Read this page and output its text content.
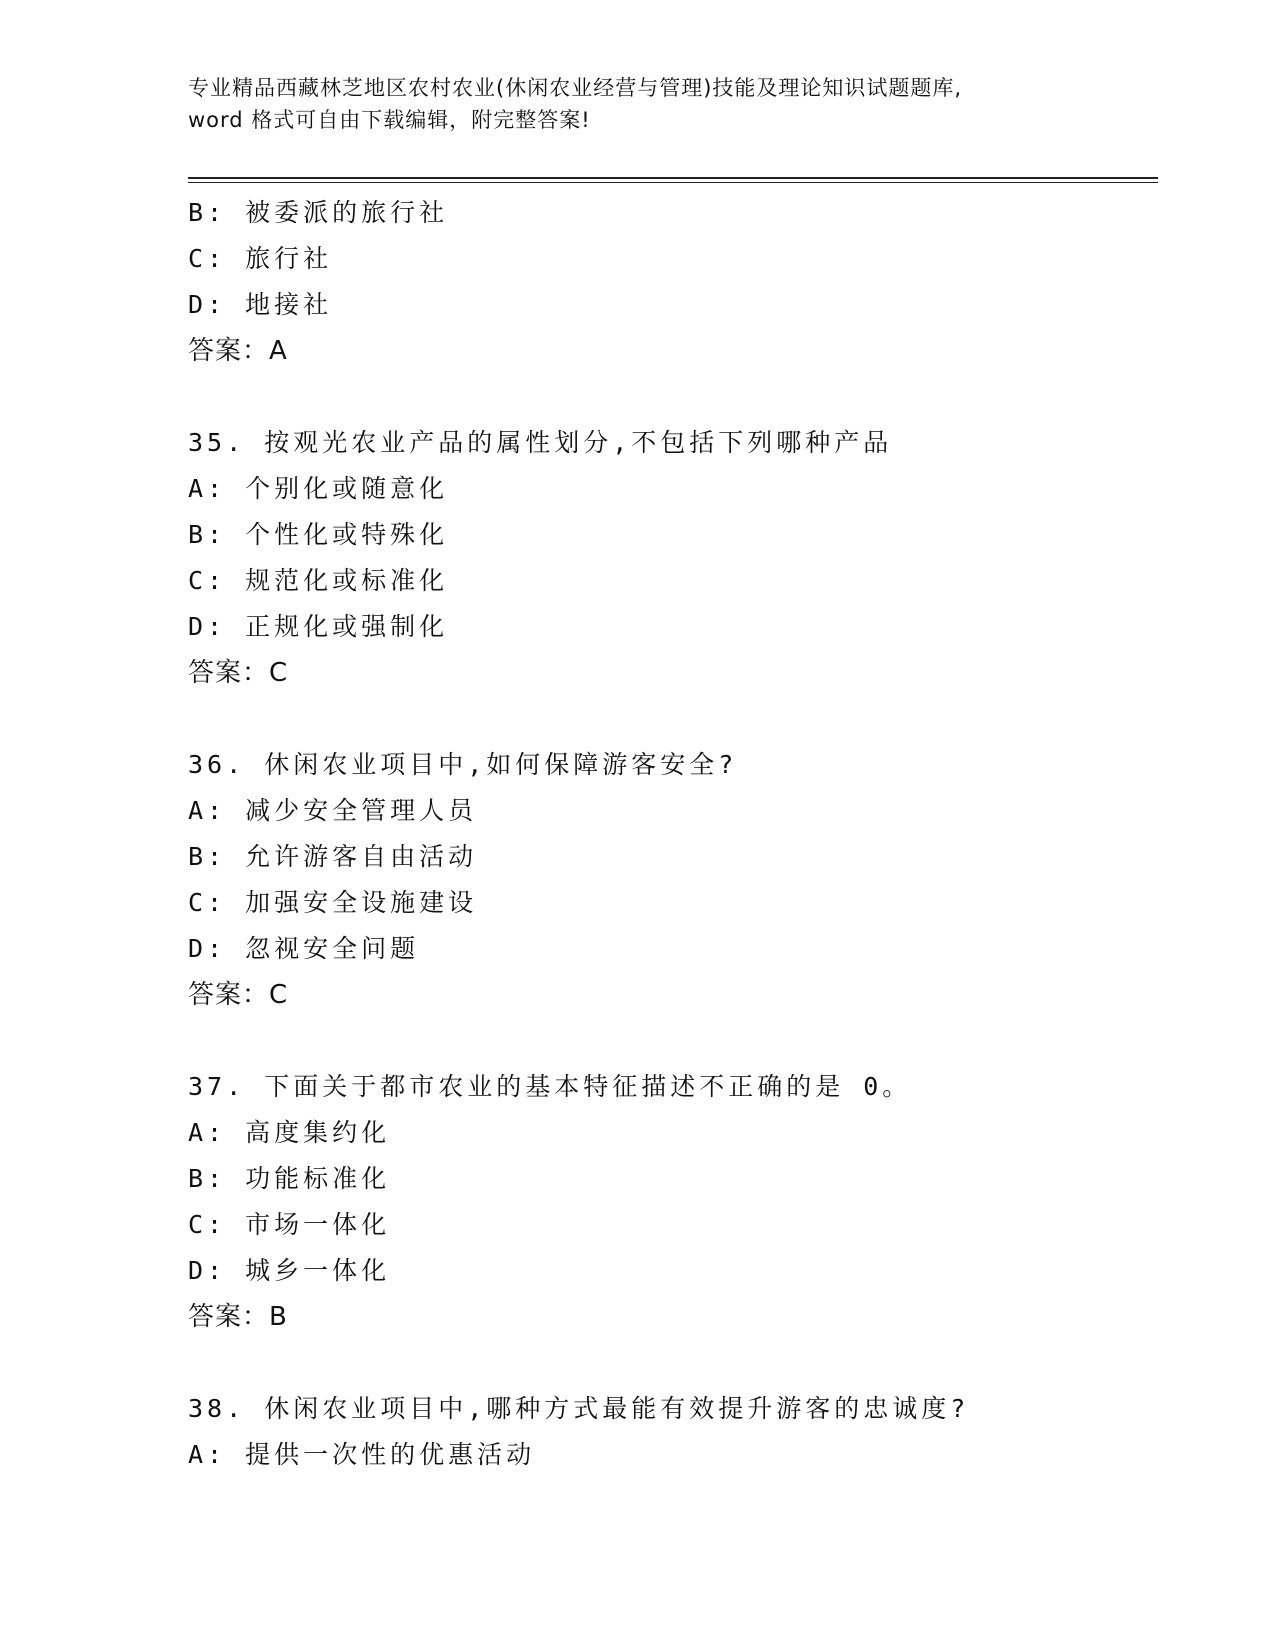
专业精品西藏林芝地区农村农业(休闲农业经营与管理)技能及理论知识试题题库,
word 格式可自由下载编辑，附完整答案!
B: 被委派的旅行社
C: 旅行社
D: 地接社
答案：A
35. 按观光农业产品的属性划分,不包括下列哪种产品
A: 个别化或随意化
B: 个性化或特殊化
C: 规范化或标准化
D: 正规化或强制化
答案：C
36. 休闲农业项目中,如何保障游客安全?
A: 减少安全管理人员
B: 允许游客自由活动
C: 加强安全设施建设
D: 忽视安全问题
答案：C
37. 下面关于都市农业的基本特征描述不正确的是 0。
A: 高度集约化
B: 功能标准化
C: 市场一体化
D: 城乡一体化
答案：B
38. 休闲农业项目中,哪种方式最能有效提升游客的忠诚度?
A: 提供一次性的优惠活动
